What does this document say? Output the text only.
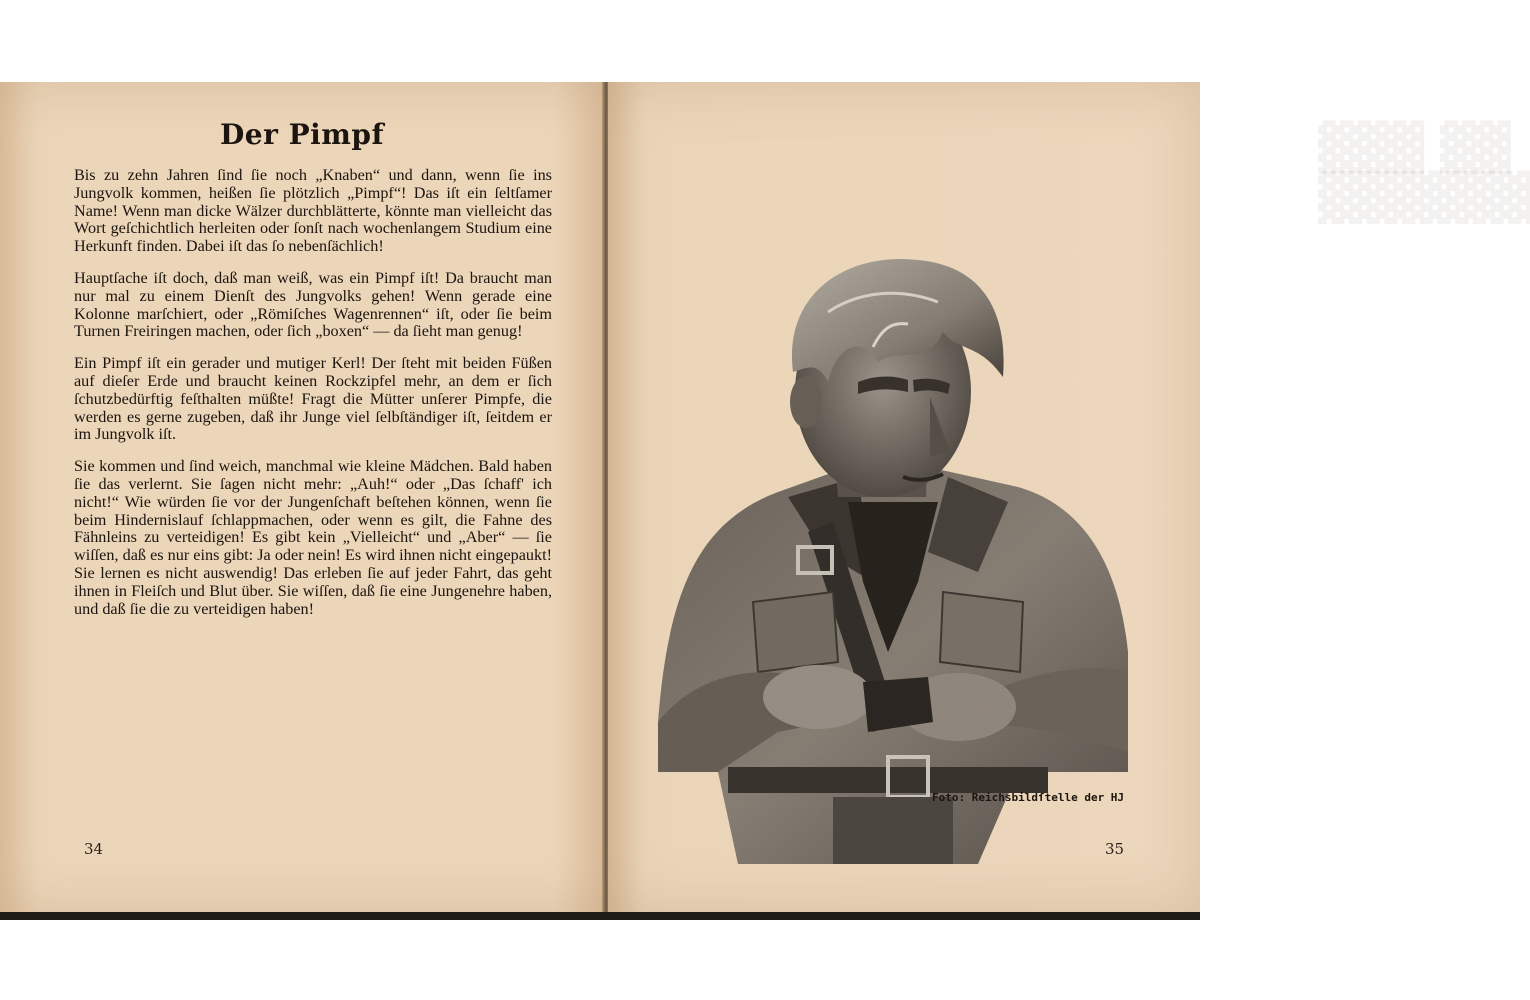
Der Pimpf

Bis zu zehn Jahren ſind ſie noch „Knaben“ und dann, wenn ſie ins Jungvolk kommen, heißen ſie plötzlich „Pimpf“! Das iſt ein ſeltſamer Name! Wenn man dicke Wälzer durchblätterte, könnte man vielleicht das Wort geſchichtlich herleiten oder ſonſt nach wochenlangem Studium eine Herkunft finden. Dabei iſt das ſo nebenſächlich!

Hauptſache iſt doch, daß man weiß, was ein Pimpf iſt! Da braucht man nur mal zu einem Dienſt des Jungvolks gehen! Wenn gerade eine Kolonne marſchiert, oder „Römiſches Wagenrennen“ iſt, oder ſie beim Turnen Freiringen machen, oder ſich „boxen“ — da ſieht man genug!

Ein Pimpf iſt ein gerader und mutiger Kerl! Der ſteht mit beiden Füßen auf dieſer Erde und braucht keinen Rockzipfel mehr, an dem er ſich ſchutzbedürftig feſthalten müßte! Fragt die Mütter unſerer Pimpfe, die werden es gerne zugeben, daß ihr Junge viel ſelbſtändiger iſt, ſeitdem er im Jungvolk iſt.

Sie kommen und ſind weich, manchmal wie kleine Mädchen. Bald haben ſie das verlernt. Sie ſagen nicht mehr: „Auh!“ oder „Das ſchaff' ich nicht!“ Wie würden ſie vor der Jungenſchaft beſtehen können, wenn ſie beim Hindernislauf ſchlappmachen, oder wenn es gilt, die Fahne des Fähnleins zu verteidigen! Es gibt kein „Vielleicht“ und „Aber“ — ſie wiſſen, daß es nur eins gibt: Ja oder nein! Es wird ihnen nicht eingepaukt! Sie lernen es nicht auswendig! Das erleben ſie auf jeder Fahrt, das geht ihnen in Fleiſch und Blut über. Sie wiſſen, daß ſie eine Jungenehre haben, und daß ſie die zu verteidigen haben!

34
▓▓▓ ▓▓
▓▓▓▓▓▓
Foto: Reichsbildſtelle der HJ
35
